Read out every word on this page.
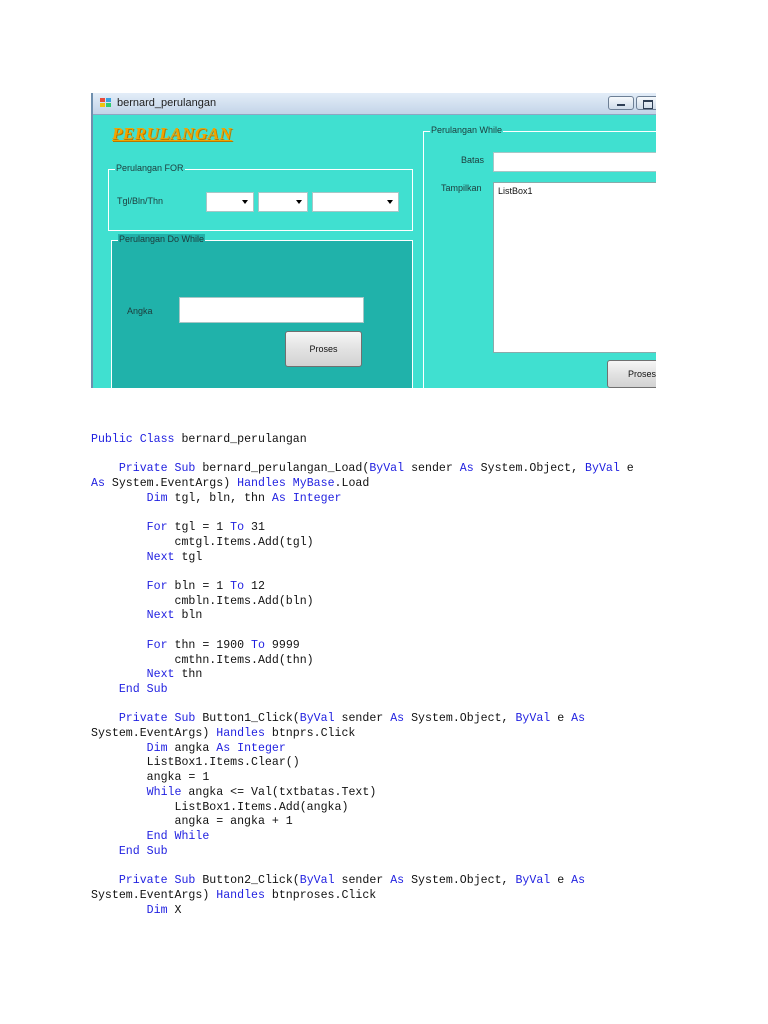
bernard_perulangan
PERULANGAN
Perulangan FOR
Tgl/Bln/Thn
Perulangan Do While
Angka
Proses
Perulangan While
Batas
Tampilkan ListBox1
Proses
Public Class bernard_perulangan

Private Sub bernard_perulangan_Load(ByVal sender As System.Object, ByVal e
As System.EventArgs) Handles MyBase.Load
Dim tgl, bln, thn As Integer

For tgl = 1 To 31
cmtgl.Items.Add(tgl)
Next tgl

For bln = 1 To 12
cmbln.Items.Add(bln)
Next bln

For thn = 1900 To 9999
cmthn.Items.Add(thn)
Next thn
End Sub

Private Sub Button1_Click(ByVal sender As System.Object, ByVal e As
System.EventArgs) Handles btnprs.Click
Dim angka As Integer
ListBox1.Items.Clear()
angka = 1
While angka <= Val(txtbatas.Text)
ListBox1.Items.Add(angka)
angka = angka + 1
End While
End Sub

Private Sub Button2_Click(ByVal sender As System.Object, ByVal e As
System.EventArgs) Handles btnproses.Click
Dim X
